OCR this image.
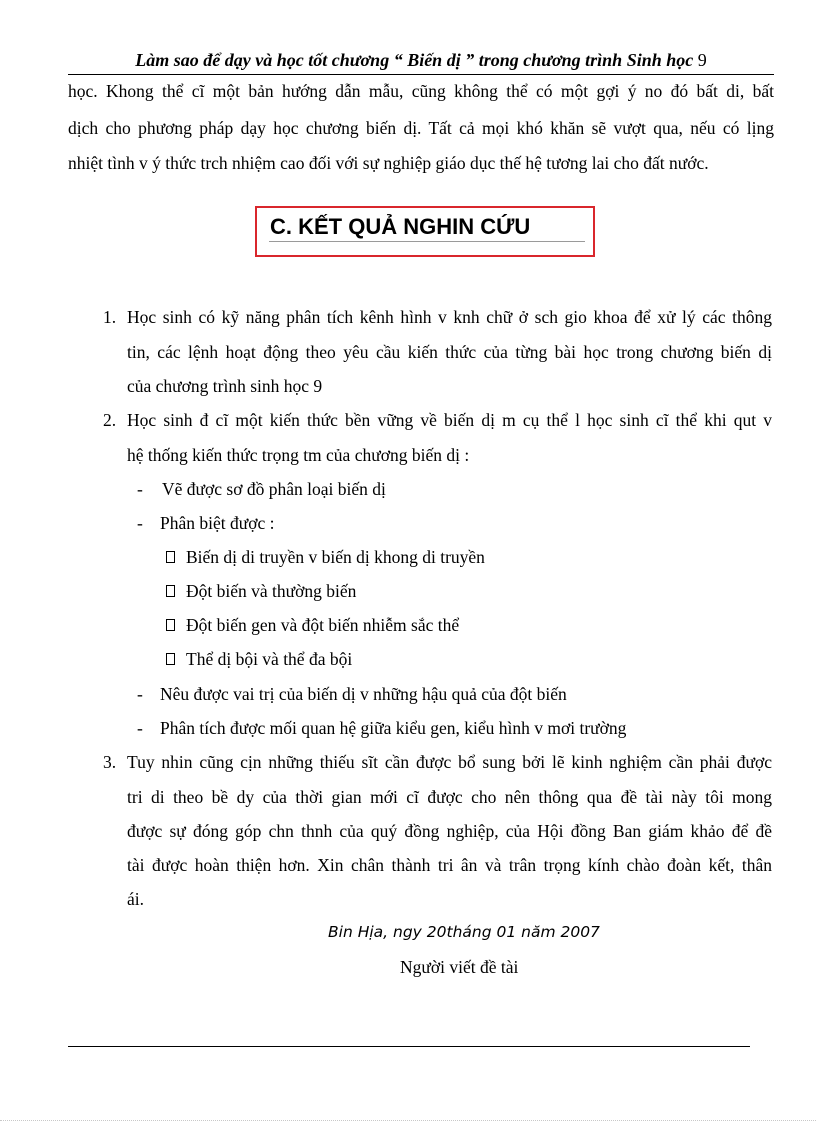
Làm sao để dạy và học tốt chương “ Biến dị ” trong chương trình Sinh học 9
học. Khong thể cĩ một bản hướng dẫn mẫu, cũng không thể có một gợi ý no đó bất di, bất
dịch cho phương pháp dạy học chương biến dị. Tất cả mọi khó khăn sẽ vượt qua, nếu có lịng
nhiệt tình v ý thức trch nhiệm cao đối với sự nghiệp giáo dục thế hệ tương lai cho đất nước.
C. KẾT QUẢ NGHIN CỨU
1. Học sinh có kỹ năng phân tích kênh hình v knh chữ ở sch gio khoa để xử lý các thông
tin, các lệnh hoạt động theo yêu cầu kiến thức của từng bài học trong chương biến dị
của chương trình sinh học 9
2. Học sinh đ cĩ một kiến thức bền vững về biến dị m cụ thể l học sinh cĩ thể khi qut v
hệ thống kiến thức trọng tm của chương biến dị :
- Vẽ được sơ đồ phân loại biến dị
- Phân biệt được :
Biến dị di truyền v biến dị khong di truyền
Đột biến và thường biến
Đột biến gen và đột biến nhiễm sắc thể
Thể dị bội và thể đa bội
- Nêu được vai trị của biến dị v những hậu quả của đột biến
- Phân tích được mối quan hệ giữa kiểu gen, kiểu hình v mơi trường
3. Tuy nhin cũng cịn những thiếu sĩt cần được bổ sung bởi lẽ kinh nghiệm cần phải được
tri di theo bề dy của thời gian mới cĩ được cho nên thông qua đề tài này tôi mong
được sự đóng góp chn thnh của quý đồng nghiệp, của Hội đồng Ban giám khảo để đề
tài được hoàn thiện hơn. Xin chân thành tri ân và trân trọng kính chào đoàn kết, thân
ái.
Bin Hịa, ngy 20tháng 01 năm 2007
Người viết đề tài
